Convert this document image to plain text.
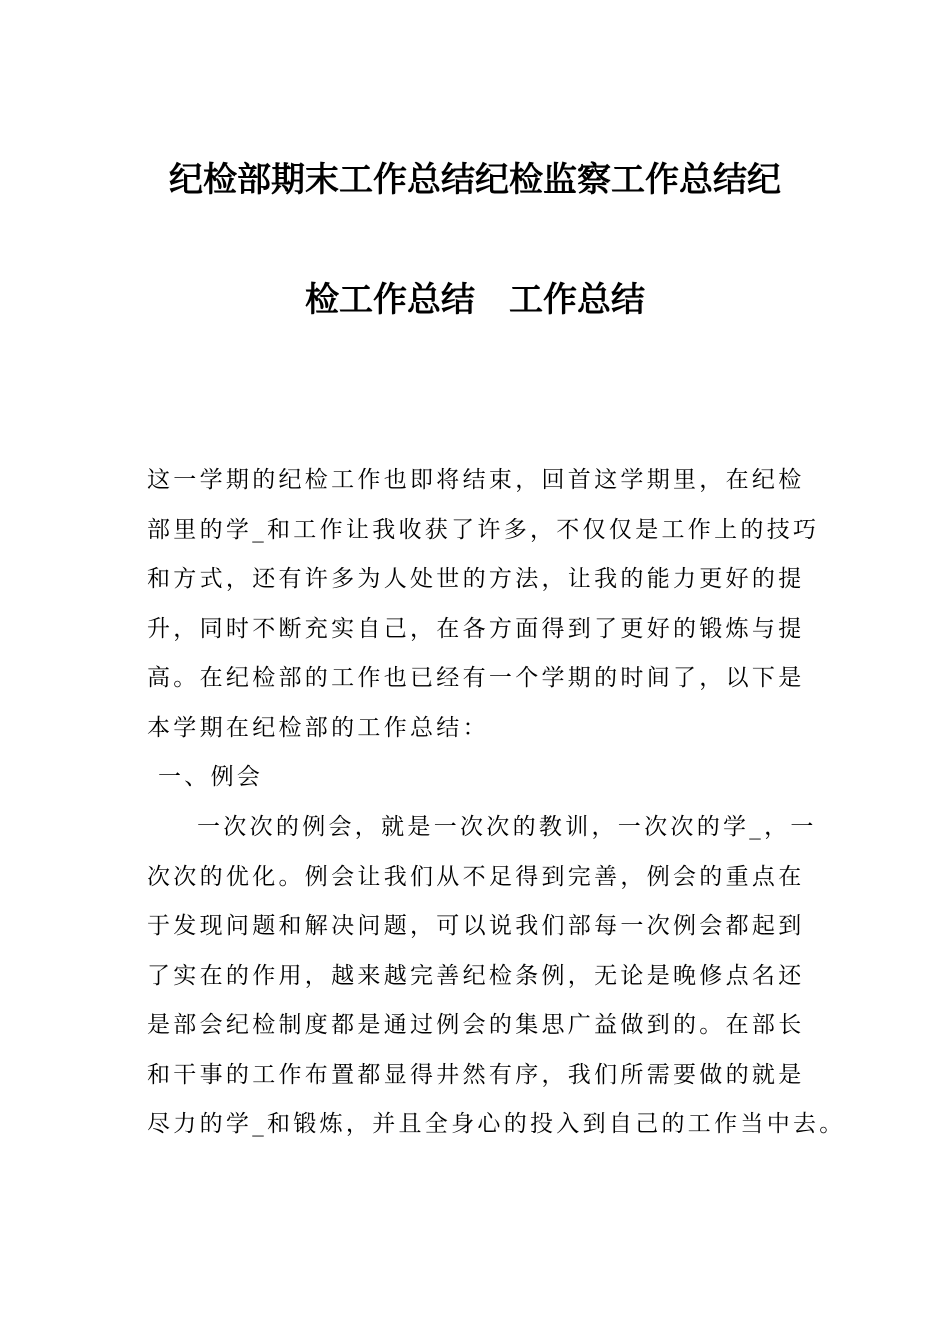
纪检部期末工作总结纪检监察工作总结纪
检工作总结　工作总结
这一学期的纪检工作也即将结束，回首这学期里，在纪检
部里的学_和工作让我收获了许多，不仅仅是工作上的技巧
和方式，还有许多为人处世的方法，让我的能力更好的提
升，同时不断充实自己，在各方面得到了更好的锻炼与提
高。在纪检部的工作也已经有一个学期的时间了，以下是
本学期在纪检部的工作总结：
一、例会
一次次的例会，就是一次次的教训，一次次的学_，一
次次的优化。例会让我们从不足得到完善，例会的重点在
于发现问题和解决问题，可以说我们部每一次例会都起到
了实在的作用，越来越完善纪检条例，无论是晚修点名还
是部会纪检制度都是通过例会的集思广益做到的。在部长
和干事的工作布置都显得井然有序，我们所需要做的就是
尽力的学_和锻炼，并且全身心的投入到自己的工作当中去。
